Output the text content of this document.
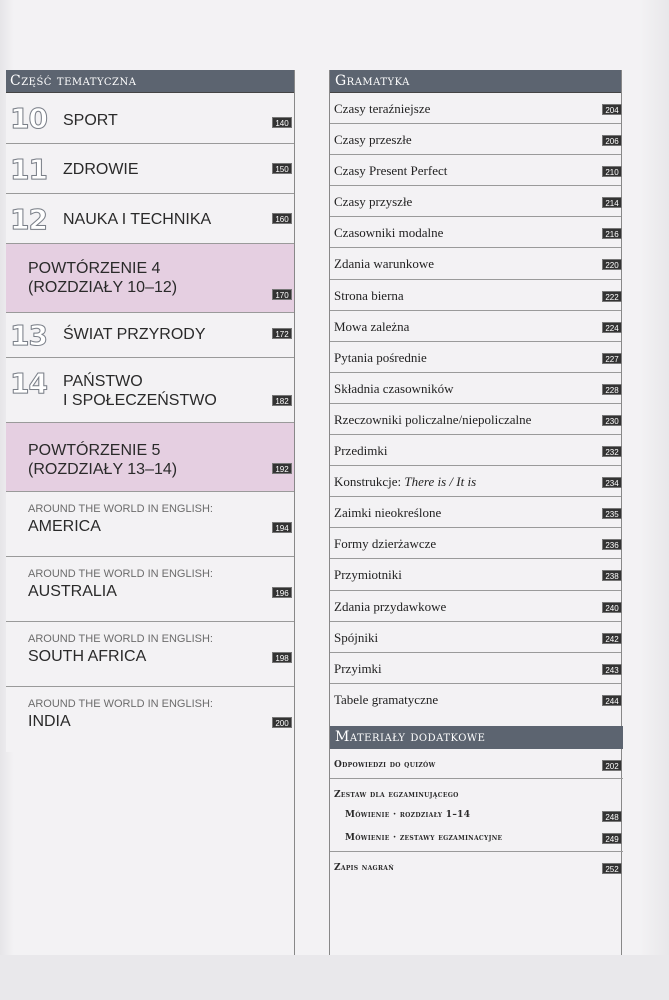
Część tematyczna
10 SPORT	140
11 ZDROWIE	150
12 NAUKA I TECHNIKA	160
POWTÓRZENIE 4
(ROZDZIAŁY 10–12)	170
13 ŚWIAT PRZYRODY	172
14 PAŃSTWO
I SPOŁECZEŃSTWO	182
POWTÓRZENIE 5
(ROZDZIAŁY 13–14)	192
AROUND THE WORLD IN ENGLISH:
AMERICA	194
AROUND THE WORLD IN ENGLISH:
AUSTRALIA	196
AROUND THE WORLD IN ENGLISH:
SOUTH AFRICA	198
AROUND THE WORLD IN ENGLISH:
INDIA	200
Gramatyka
Czasy teraźniejsze	204
Czasy przeszłe	206
Czasy Present Perfect	210
Czasy przyszłe	214
Czasowniki modalne	216
Zdania warunkowe	220
Strona bierna	222
Mowa zależna	224
Pytania pośrednie	227
Składnia czasowników	228
Rzeczowniki policzalne/niepoliczalne	230
Przedimki	232
Konstrukcje: There is / It is	234
Zaimki nieokreślone	235
Formy dzierżawcze	236
Przymiotniki	238
Zdania przydawkowe	240
Spójniki	242
Przyimki	243
Tabele gramatyczne	244
Materiały dodatkowe
Odpowiedzi do quizów	202
Zestaw dla egzaminującego
Mówienie · rozdziały 1–14	248
Mówienie · zestawy egzaminacyjne	249
Zapis nagrań	252
